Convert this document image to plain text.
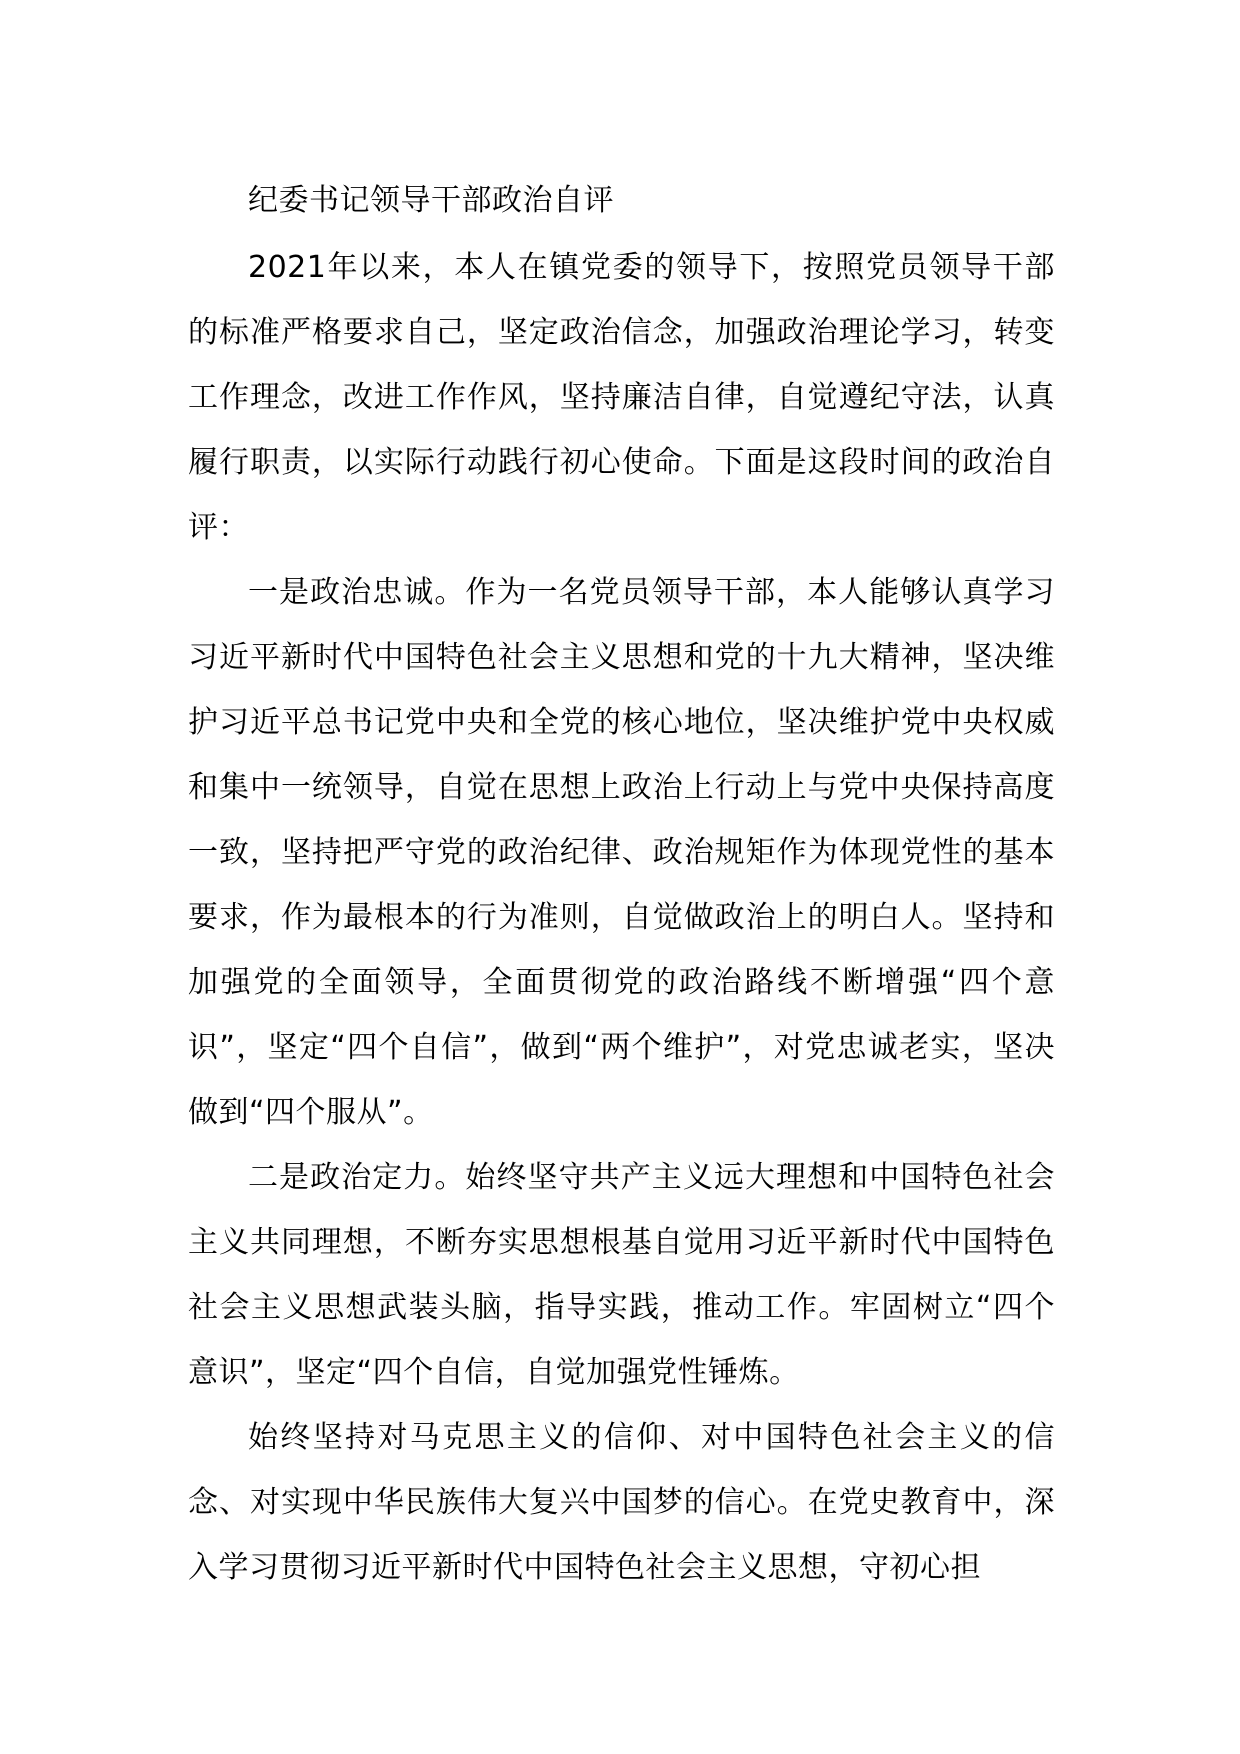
纪委书记领导干部政治自评

2021年以来，本人在镇党委的领导下，按照党员领导干部的标准严格要求自己，坚定政治信念，加强政治理论学习，转变工作理念，改进工作作风，坚持廉洁自律，自觉遵纪守法，认真履行职责，以实际行动践行初心使命。下面是这段时间的政治自评：

一是政治忠诚。作为一名党员领导干部，本人能够认真学习习近平新时代中国特色社会主义思想和党的十九大精神，坚决维护习近平总书记党中央和全党的核心地位，坚决维护党中央权威和集中一统领导，自觉在思想上政治上行动上与党中央保持高度一致，坚持把严守党的政治纪律、政治规矩作为体现党性的基本要求，作为最根本的行为准则，自觉做政治上的明白人。坚持和加强党的全面领导，全面贯彻党的政治路线不断增强“四个意识”，坚定“四个自信”，做到“两个维护”，对党忠诚老实，坚决做到“四个服从”。

二是政治定力。始终坚守共产主义远大理想和中国特色社会主义共同理想，不断夯实思想根基自觉用习近平新时代中国特色社会主义思想武装头脑，指导实践，推动工作。牢固树立“四个意识”，坚定“四个自信，自觉加强党性锤炼。

始终坚持对马克思主义的信仰、对中国特色社会主义的信念、对实现中华民族伟大复兴中国梦的信心。在党史教育中，深入学习贯彻习近平新时代中国特色社会主义思想，守初心担
